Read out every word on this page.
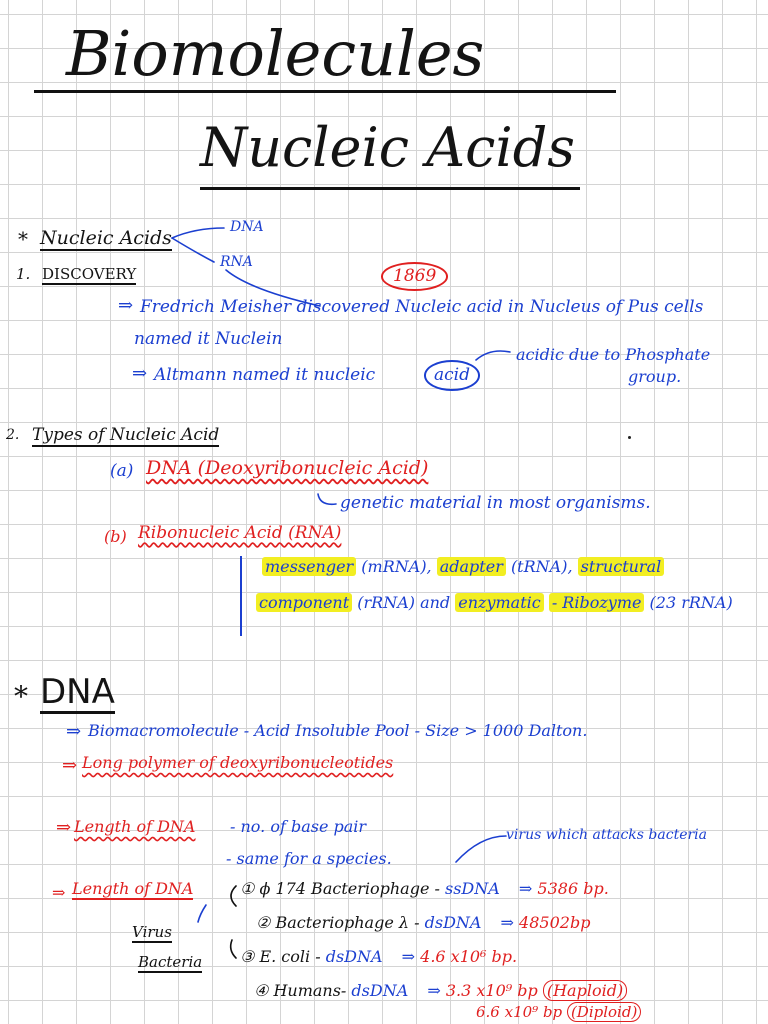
Biomolecules
Nucleic Acids
* Nucleic Acids	DNA
RNA
1. DISCOVERY	1869
⇒ Fredrich Meisher discovered Nucleic acid in Nucleus of Pus cells
named it Nuclein
⇒ Altmann named it nucleic	acid
acidic due to Phosphate
group.
2. Types of Nucleic Acid
(a) DNA (Deoxyribonucleic Acid)
genetic material in most organisms.
(b) Ribonucleic Acid (RNA)
messenger (mRNA), adapter (tRNA), structural
component (rRNA) and enzymatic - Ribozyme (23 rRNA)
* DNA
⇒ Biomacromolecule - Acid Insoluble Pool - Size > 1000 Dalton.
⇒ Long polymer of deoxyribonucleotides
⇒ Length of DNA - no. of base pair
- same for a species.
virus which attacks bacteria
⇒ Length of DNA
Virus
Bacteria
① ϕ 174 Bacteriophage - ssDNA ⇒ 5386 bp.
② Bacteriophage λ - dsDNA ⇒ 48502bp
③ E. coli - dsDNA ⇒ 4.6 x10⁶ bp.
④ Humans- dsDNA ⇒ 3.3 x10⁹ bp (Haploid)
6.6 x10⁹ bp (Diploid)
